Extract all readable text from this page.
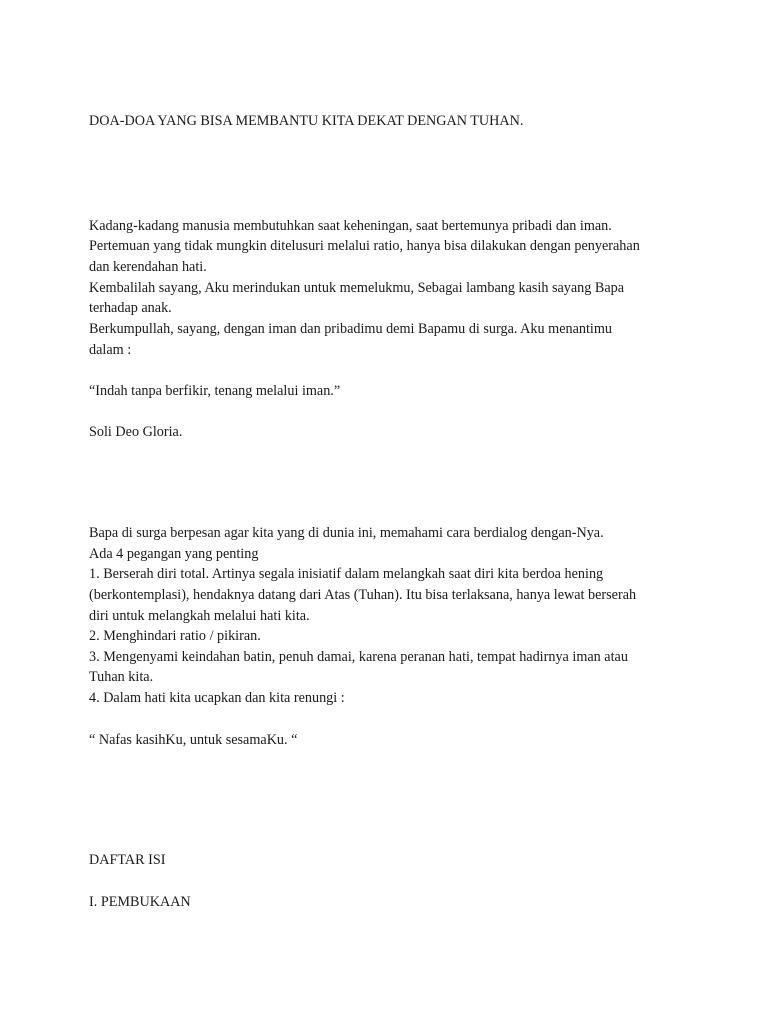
DOA-DOA YANG BISA MEMBANTU KITA DEKAT DENGAN TUHAN.
Kadang-kadang manusia membutuhkan saat keheningan, saat bertemunya pribadi dan iman.
Pertemuan yang tidak mungkin ditelusuri melalui ratio, hanya bisa dilakukan dengan penyerahan
dan kerendahan hati.
Kembalilah sayang, Aku merindukan untuk memelukmu, Sebagai lambang kasih sayang Bapa
terhadap anak.
Berkumpullah, sayang, dengan iman dan pribadimu demi Bapamu di surga. Aku menantimu
dalam :
“Indah tanpa berfikir, tenang melalui iman.”
Soli Deo Gloria.
Bapa di surga berpesan agar kita yang di dunia ini, memahami cara berdialog dengan-Nya.
Ada 4 pegangan yang penting
1. Berserah diri total. Artinya segala inisiatif dalam melangkah saat diri kita berdoa hening
(berkontemplasi), hendaknya datang dari Atas (Tuhan). Itu bisa terlaksana, hanya lewat berserah
diri untuk melangkah melalui hati kita.
2. Menghindari ratio / pikiran.
3. Mengenyami keindahan batin, penuh damai, karena peranan hati, tempat hadirnya iman atau
Tuhan kita.
4. Dalam hati kita ucapkan dan kita renungi :
“ Nafas kasihKu, untuk sesamaKu. “
DAFTAR ISI
I. PEMBUKAAN
